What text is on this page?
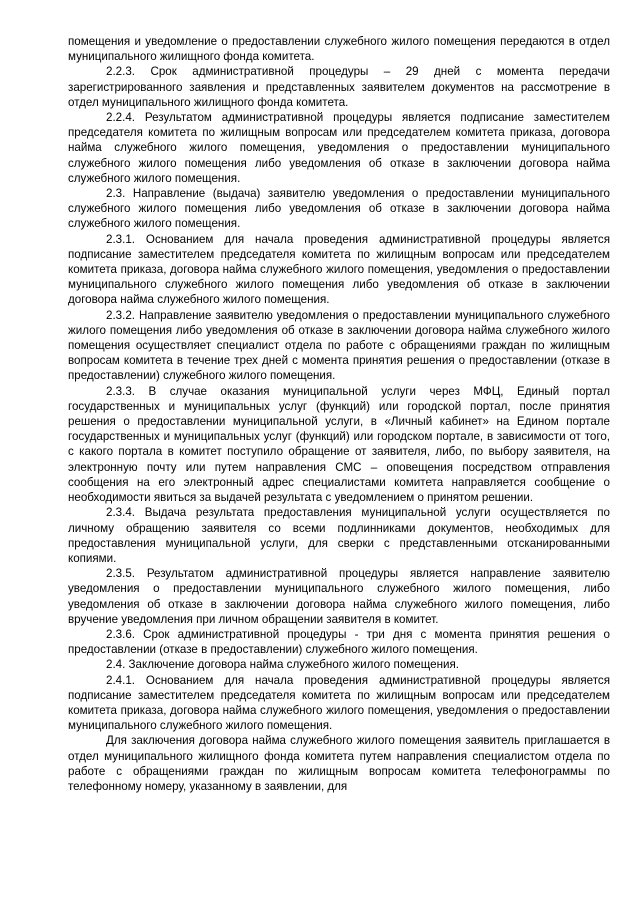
помещения и уведомление о предоставлении служебного жилого помещения передаются в отдел муниципального жилищного фонда комитета.

2.2.3. Срок административной процедуры – 29 дней с момента передачи зарегистрированного заявления и представленных заявителем документов на рассмотрение в отдел муниципального жилищного фонда комитета.

2.2.4. Результатом административной процедуры является подписание заместителем председателя комитета по жилищным вопросам или председателем комитета приказа, договора найма служебного жилого помещения, уведомления о предоставлении муниципального служебного жилого помещения либо уведомления об отказе в заключении договора найма служебного жилого помещения.

2.3. Направление (выдача) заявителю уведомления о предоставлении муниципального служебного жилого помещения либо уведомления об отказе в заключении договора найма служебного жилого помещения.

2.3.1. Основанием для начала проведения административной процедуры является подписание заместителем председателя комитета по жилищным вопросам или председателем комитета приказа, договора найма служебного жилого помещения, уведомления о предоставлении муниципального служебного жилого помещения либо уведомления об отказе в заключении договора найма служебного жилого помещения.

2.3.2. Направление заявителю уведомления о предоставлении муниципального служебного жилого помещения либо уведомления об отказе в заключении договора найма служебного жилого помещения осуществляет специалист отдела по работе с обращениями граждан по жилищным вопросам комитета в течение трех дней с момента принятия решения о предоставлении (отказе в предоставлении) служебного жилого помещения.

2.3.3. В случае оказания муниципальной услуги через МФЦ, Единый портал государственных и муниципальных услуг (функций) или городской портал, после принятия решения о предоставлении муниципальной услуги, в «Личный кабинет» на Едином портале государственных и муниципальных услуг (функций) или городском портале, в зависимости от того, с какого портала в комитет поступило обращение от заявителя, либо, по выбору заявителя, на электронную почту или путем направления СМС – оповещения посредством отправления сообщения на его электронный адрес специалистами комитета направляется сообщение о необходимости явиться за выдачей результата с уведомлением о принятом решении.

2.3.4. Выдача результата предоставления муниципальной услуги осуществляется по личному обращению заявителя со всеми подлинниками документов, необходимых для предоставления муниципальной услуги, для сверки с представленными отсканированными копиями.

2.3.5. Результатом административной процедуры является направление заявителю уведомления о предоставлении муниципального служебного жилого помещения, либо уведомления об отказе в заключении договора найма служебного жилого помещения, либо вручение уведомления при личном обращении заявителя в комитет.

2.3.6. Срок административной процедуры - три дня с момента принятия решения о предоставлении (отказе в предоставлении) служебного жилого помещения.

2.4. Заключение договора найма служебного жилого помещения.

2.4.1. Основанием для начала проведения административной процедуры является подписание заместителем председателя комитета по жилищным вопросам или председателем комитета приказа, договора найма служебного жилого помещения, уведомления о предоставлении муниципального служебного жилого помещения.

Для заключения договора найма служебного жилого помещения заявитель приглашается в отдел муниципального жилищного фонда комитета путем направления специалистом отдела по работе с обращениями граждан по жилищным вопросам комитета телефонограммы по телефонному номеру, указанному в заявлении, для
